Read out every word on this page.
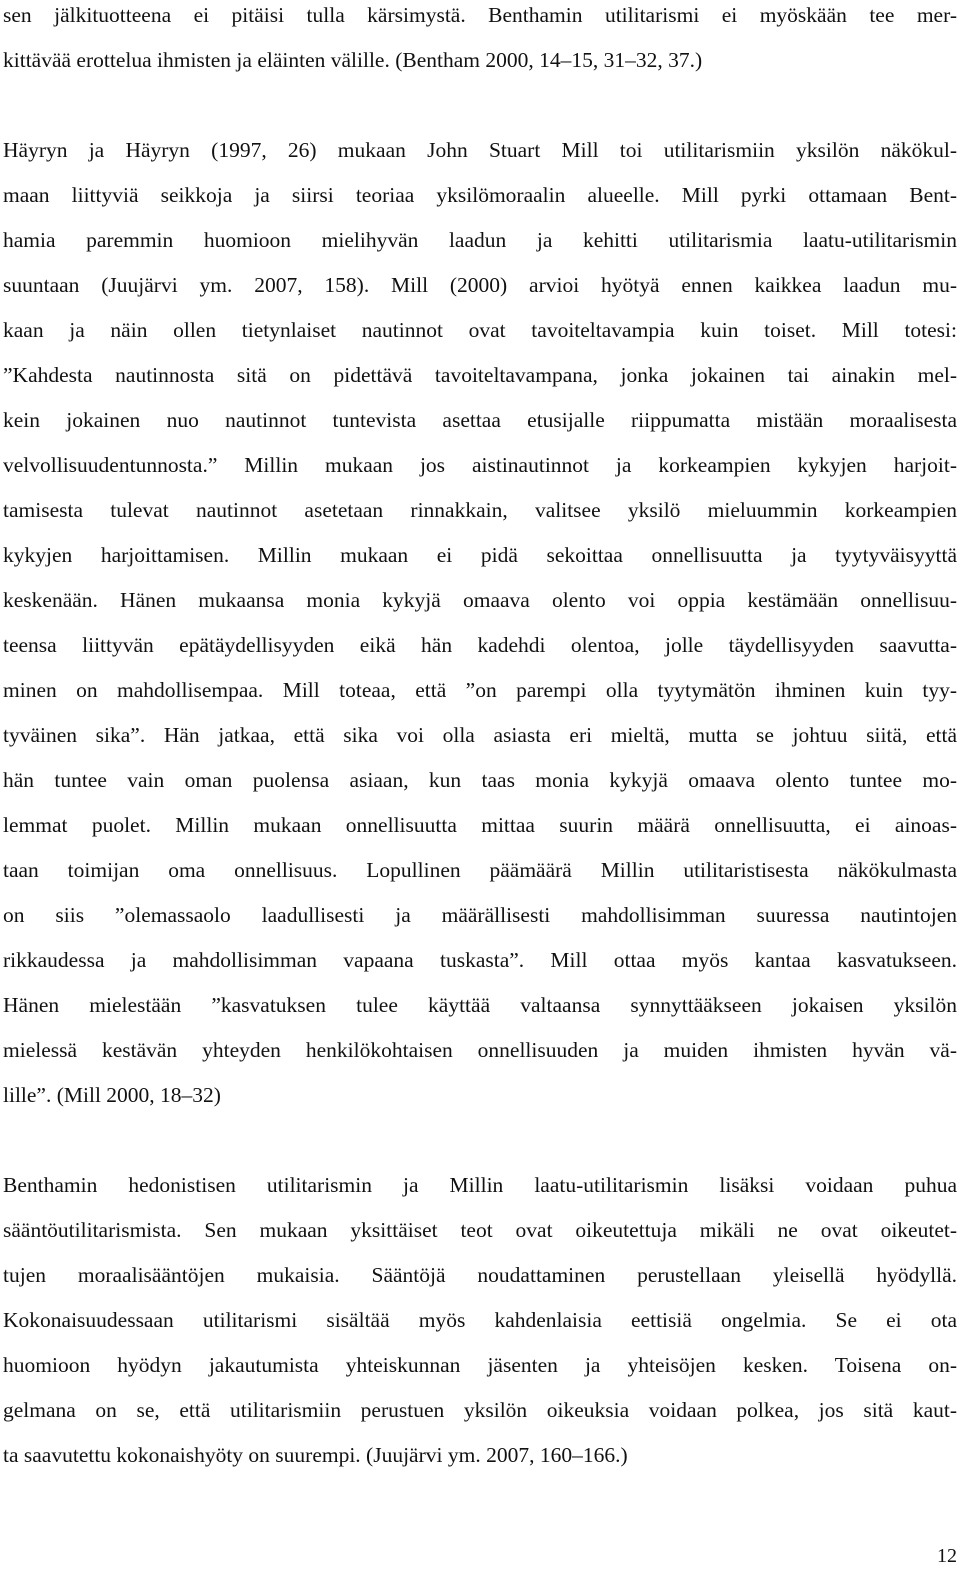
sen jälkituotteena ei pitäisi tulla kärsimystä. Benthamin utilitarismi ei myöskään tee mer-
kittävää erottelua ihmisten ja eläinten välille. (Bentham 2000, 14–15, 31–32, 37.)
Häyryn ja Häyryn (1997, 26) mukaan John Stuart Mill toi utilitarismiin yksilön näkökul-
maan liittyviä seikkoja ja siirsi teoriaa yksilömoraalin alueelle. Mill pyrki ottamaan Bent-
hamia paremmin huomioon mielihyvän laadun ja kehitti utilitarismia laatu-utilitarismin
suuntaan (Juujärvi ym. 2007, 158). Mill (2000) arvioi hyötyä ennen kaikkea laadun mu-
kaan ja näin ollen tietynlaiset nautinnot ovat tavoiteltavampia kuin toiset. Mill totesi:
”Kahdesta nautinnosta sitä on pidettävä tavoiteltavampana, jonka jokainen tai ainakin mel-
kein jokainen nuo nautinnot tuntevista asettaa etusijalle riippumatta mistään moraalisesta
velvollisuudentunnosta.” Millin mukaan jos aistinautinnot ja korkeampien kykyjen harjoit-
tamisesta tulevat nautinnot asetetaan rinnakkain, valitsee yksilö mieluummin korkeampien
kykyjen harjoittamisen. Millin mukaan ei pidä sekoittaa onnellisuutta ja tyytyväisyyttä
keskenään. Hänen mukaansa monia kykyjä omaava olento voi oppia kestämään onnellisuu-
teensa liittyvän epätäydellisyyden eikä hän kadehdi olentoa, jolle täydellisyyden saavutta-
minen on mahdollisempaa. Mill toteaa, että ”on parempi olla tyytymätön ihminen kuin tyy-
tyväinen sika”. Hän jatkaa, että sika voi olla asiasta eri mieltä, mutta se johtuu siitä, että
hän tuntee vain oman puolensa asiaan, kun taas monia kykyjä omaava olento tuntee mo-
lemmat puolet. Millin mukaan onnellisuutta mittaa suurin määrä onnellisuutta, ei ainoas-
taan toimijan oma onnellisuus. Lopullinen päämäärä Millin utilitaristisesta näkökulmasta
on siis ”olemassaolo laadullisesti ja määrällisesti mahdollisimman suuressa nautintojen
rikkaudessa ja mahdollisimman vapaana tuskasta”. Mill ottaa myös kantaa kasvatukseen.
Hänen mielestään ”kasvatuksen tulee käyttää valtaansa synnyttääkseen jokaisen yksilön
mielessä kestävän yhteyden henkilökohtaisen onnellisuuden ja muiden ihmisten hyvän vä-
lille”. (Mill 2000, 18–32)
Benthamin hedonistisen utilitarismin ja Millin laatu-utilitarismin lisäksi voidaan puhua
sääntöutilitarismista. Sen mukaan yksittäiset teot ovat oikeutettuja mikäli ne ovat oikeutet-
tujen moraalisääntöjen mukaisia. Sääntöjä noudattaminen perustellaan yleisellä hyödyllä.
Kokonaisuudessaan utilitarismi sisältää myös kahdenlaisia eettisiä ongelmia. Se ei ota
huomioon hyödyn jakautumista yhteiskunnan jäsenten ja yhteisöjen kesken. Toisena on-
gelmana on se, että utilitarismiin perustuen yksilön oikeuksia voidaan polkea, jos sitä kaut-
ta saavutettu kokonaishyöty on suurempi. (Juujärvi ym. 2007, 160–166.)
12
